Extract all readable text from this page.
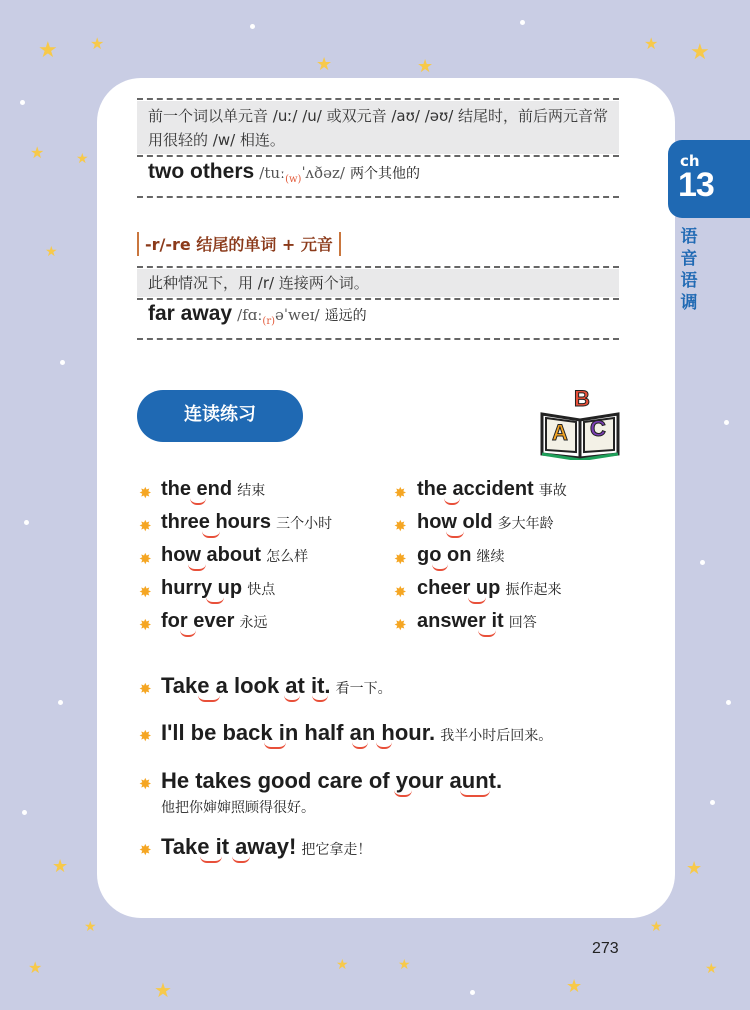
★ ★
★	★
★ ★
★ ★
★
★
★
★
★
★	★
★
★
★
★
ch
13
语音语调
前一个词以单元音 /uː/ /u/ 或双元音 /aʊ/ /əʊ/ 结尾时，前后两元音常用很轻的 /w/ 相连。
two others /tuː$_{(w)}$ˈʌðəz/ 两个其他的
-r/-re 结尾的单词 + 元音
此种情况下，用 /r/ 连接两个词。
far away /fɑː$_{(r)}$əˈweɪ/ 遥远的
连读练习
A
B
C
✸ the end 结束
✸ three hours 三个小时
✸ how about 怎么样
✸ hurry up 快点
✸ for ever 永远
✸ the accident 事故
✸ how old 多大年龄
✸ go on 继续
✸ cheer up 振作起来
✸ answer it 回答
✸ Take a look at it. 看一下。
✸ I'll be back in half an hour. 我半小时后回来。
✸ He takes good care of your aunt.
他把你婶婶照顾得很好。
✸ Take it away! 把它拿走！
273
